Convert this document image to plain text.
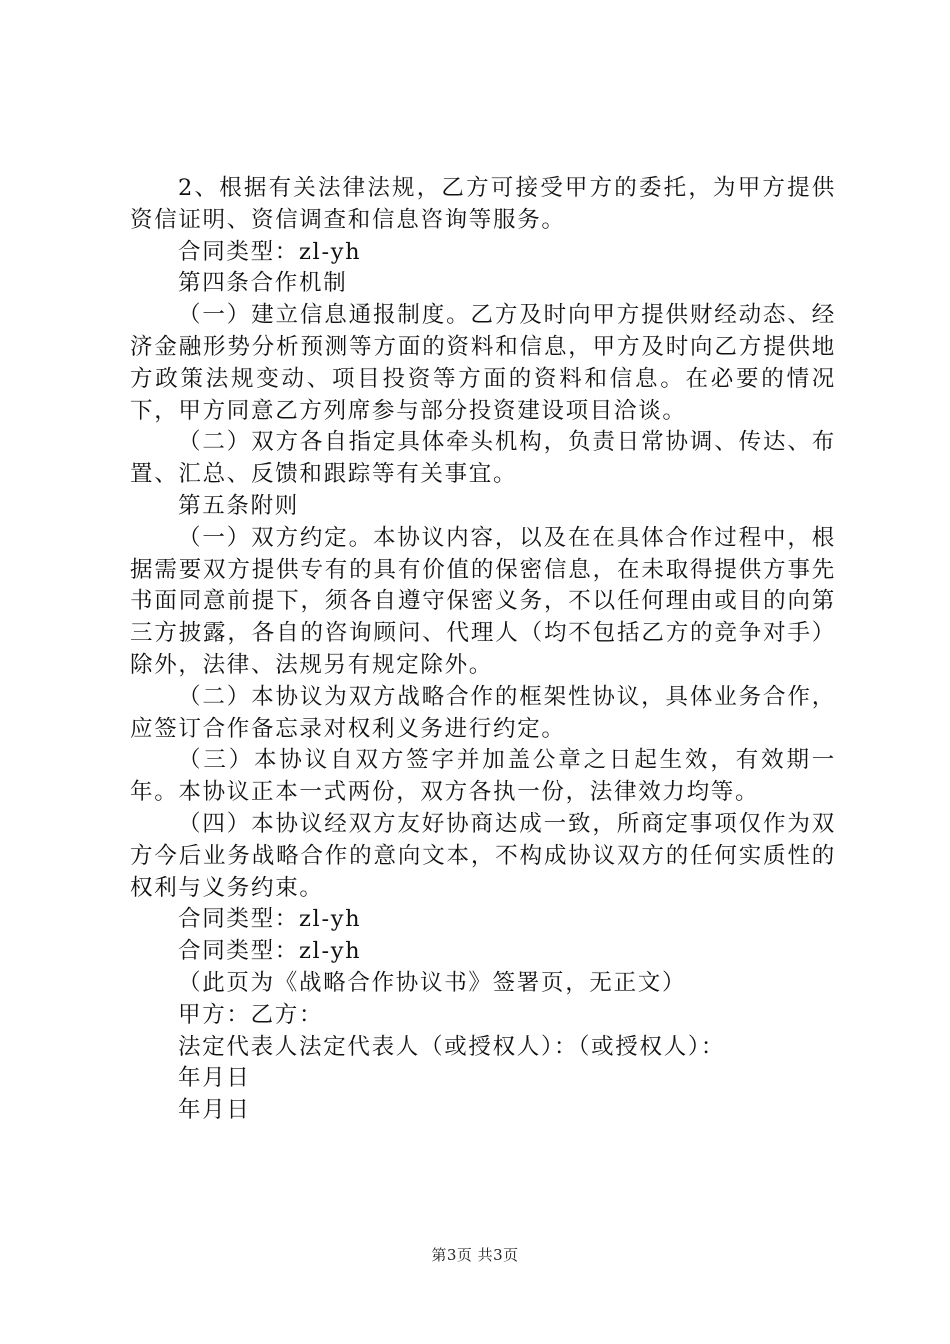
2、根据有关法律法规，乙方可接受甲方的委托，为甲方提供资信证明、资信调查和信息咨询等服务。

合同类型：zl-yh

第四条合作机制

（一）建立信息通报制度。乙方及时向甲方提供财经动态、经济金融形势分析预测等方面的资料和信息，甲方及时向乙方提供地方政策法规变动、项目投资等方面的资料和信息。在必要的情况下，甲方同意乙方列席参与部分投资建设项目洽谈。

（二）双方各自指定具体牵头机构，负责日常协调、传达、布置、汇总、反馈和跟踪等有关事宜。

第五条附则

（一）双方约定。本协议内容，以及在在具体合作过程中，根据需要双方提供专有的具有价值的保密信息，在未取得提供方事先书面同意前提下，须各自遵守保密义务，不以任何理由或目的向第三方披露，各自的咨询顾问、代理人（均不包括乙方的竞争对手）除外，法律、法规另有规定除外。

（二）本协议为双方战略合作的框架性协议，具体业务合作，应签订合作备忘录对权利义务进行约定。

（三）本协议自双方签字并加盖公章之日起生效，有效期一年。本协议正本一式两份，双方各执一份，法律效力均等。

（四）本协议经双方友好协商达成一致，所商定事项仅作为双方今后业务战略合作的意向文本，不构成协议双方的任何实质性的权利与义务约束。

合同类型：zl-yh

合同类型：zl-yh

（此页为《战略合作协议书》签署页，无正文）

甲方：乙方：

法定代表人法定代表人（或授权人）：（或授权人）：

年月日

年月日

第3页 共3页
